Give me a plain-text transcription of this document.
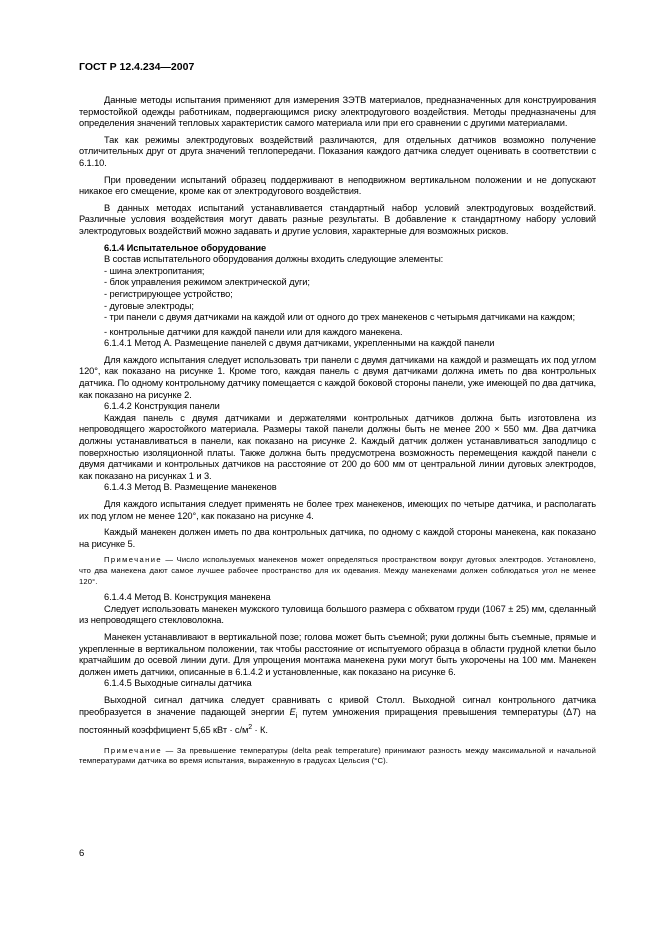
ГОСТ Р 12.4.234—2007

Данные методы испытания применяют для измерения ЗЭТВ материалов, предназначенных для конструирования термостойкой одежды работникам, подвергающимся риску электродугового воздействия. Методы предназначены для определения значений тепловых характеристик самого материала или при его сравнении с другими материалами.

Так как режимы электродуговых воздействий различаются, для отдельных датчиков возможно получение отличительных друг от друга значений теплопередачи. Показания каждого датчика следует оценивать в соответствии с 6.1.10.

При проведении испытаний образец поддерживают в неподвижном вертикальном положении и не допускают никакое его смещение, кроме как от электродугового воздействия.

В данных методах испытаний устанавливается стандартный набор условий электродуговых воздействий. Различные условия воздействия могут давать разные результаты. В добавление к стандартному набору условий электродуговых воздействий можно задавать и другие условия, характерные для возможных рисков.

6.1.4 Испытательное оборудование

В состав испытательного оборудования должны входить следующие элементы:

- шина электропитания;

- блок управления режимом электрической дуги;

- регистрирующее устройство;

- дуговые электроды;

- три панели с двумя датчиками на каждой или от одного до трех манекенов с четырьмя датчиками на каждом;

- контрольные датчики для каждой панели или для каждого манекена.

6.1.4.1 Метод А. Размещение панелей с двумя датчиками, укрепленными на каждой панели

Для каждого испытания следует использовать три панели с двумя датчиками на каждой и размещать их под углом 120°, как показано на рисунке 1. Кроме того, каждая панель с двумя датчиками должна иметь по два контрольных датчика. По одному контрольному датчику помещается с каждой боковой стороны панели, уже имеющей по два датчика, как показано на рисунке 2.

6.1.4.2 Конструкция панели

Каждая панель с двумя датчиками и держателями контрольных датчиков должна быть изготовлена из непроводящего жаростойкого материала. Размеры такой панели должны быть не менее 200 × 550 мм. Два датчика должны устанавливаться в панели, как показано на рисунке 2. Каждый датчик должен устанавливаться заподлицо с поверхностью изоляционной платы. Также должна быть предусмотрена возможность перемещения каждой панели с двумя датчиками и контрольных датчиков на расстояние от 200 до 600 мм от центральной линии дуговых электродов, как показано на рисунках 1 и 3.

6.1.4.3 Метод В. Размещение манекенов

Для каждого испытания следует применять не более трех манекенов, имеющих по четыре датчика, и располагать их под углом не менее 120°, как показано на рисунке 4.

Каждый манекен должен иметь по два контрольных датчика, по одному с каждой стороны манекена, как показано на рисунке 5.

Примечание — Число используемых манекенов может определяться пространством вокруг дуговых электродов. Установлено, что два манекена дают самое лучшее рабочее пространство для их одевания. Между манекенами должен соблюдаться угол не менее 120°.

6.1.4.4 Метод В. Конструкция манекена

Следует использовать манекен мужского туловища большого размера с обхватом груди (1067 ± 25) мм, сделанный из непроводящего стекловолокна.

Манекен устанавливают в вертикальной позе; голова может быть съемной; руки должны быть съемные, прямые и укрепленные в вертикальном положении, так чтобы расстояние от испытуемого образца в области грудной клетки было кратчайшим до осевой линии дуги. Для упрощения монтажа манекена руки могут быть укорочены на 100 мм. Манекен должен иметь датчики, описанные в 6.1.4.2 и установленные, как показано на рисунке 6.

6.1.4.5 Выходные сигналы датчика

Выходной сигнал датчика следует сравнивать с кривой Столл. Выходной сигнал контрольного датчика преобразуется в значение падающей энергии $E_i$ путем умножения приращения превышения температуры (ΔT) на постоянный коэффициент 5,65 кВт · $с/м^2 \cdot К$.

Примечание — За превышение температуры (delta peak temperature) принимают разность между максимальной и начальной температурами датчика во время испытания, выраженную в градусах Цельсия (°С).

6
